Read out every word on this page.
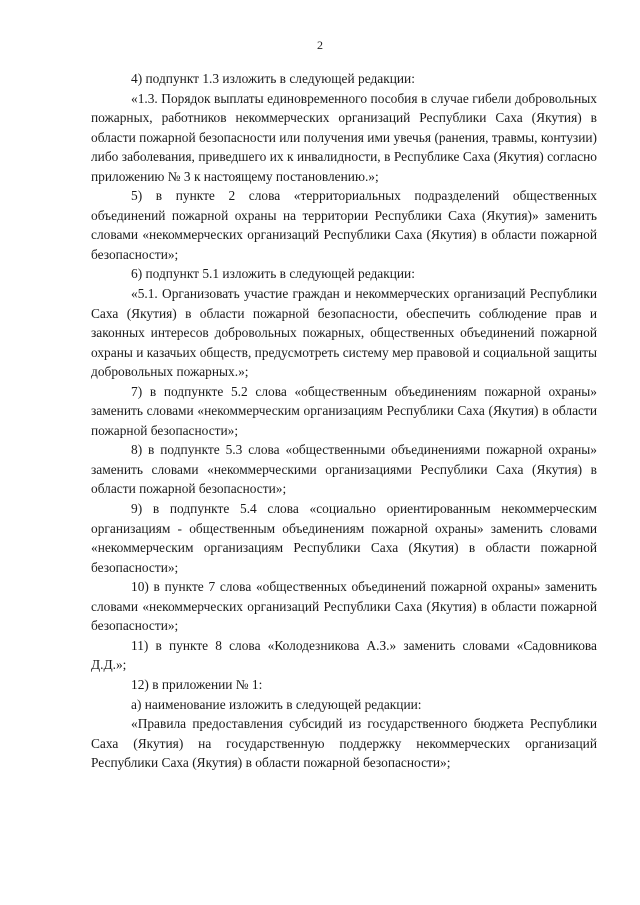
2

4) подпункт 1.3 изложить в следующей редакции:

«1.3. Порядок выплаты единовременного пособия в случае гибели добровольных пожарных, работников некоммерческих организаций Республики Саха (Якутия) в области пожарной безопасности или получения ими увечья (ранения, травмы, контузии) либо заболевания, приведшего их к инвалидности, в Республике Саха (Якутия) согласно приложению № 3 к настоящему постановлению.»;

5) в пункте 2 слова «территориальных подразделений общественных объединений пожарной охраны на территории Республики Саха (Якутия)» заменить словами «некоммерческих организаций Республики Саха (Якутия) в области пожарной безопасности»;

6) подпункт 5.1 изложить в следующей редакции:

«5.1. Организовать участие граждан и некоммерческих организаций Республики Саха (Якутия) в области пожарной безопасности, обеспечить соблюдение прав и законных интересов добровольных пожарных, общественных объединений пожарной охраны и казачьих обществ, предусмотреть систему мер правовой и социальной защиты добровольных пожарных.»;

7) в подпункте 5.2 слова «общественным объединениям пожарной охраны» заменить словами «некоммерческим организациям Республики Саха (Якутия) в области пожарной безопасности»;

8) в подпункте 5.3 слова «общественными объединениями пожарной охраны» заменить словами «некоммерческими организациями Республики Саха (Якутия) в области пожарной безопасности»;

9) в подпункте 5.4 слова «социально ориентированным некоммерческим организациям - общественным объединениям пожарной охраны» заменить словами «некоммерческим организациям Республики Саха (Якутия) в области пожарной безопасности»;

10) в пункте 7 слова «общественных объединений пожарной охраны» заменить словами «некоммерческих организаций Республики Саха (Якутия) в области пожарной безопасности»;

11) в пункте 8 слова «Колодезникова А.З.» заменить словами «Садовникова Д.Д.»;

12) в приложении № 1:

а) наименование изложить в следующей редакции:

«Правила предоставления субсидий из государственного бюджета Республики Саха (Якутия) на государственную поддержку некоммерческих организаций Республики Саха (Якутия) в области пожарной безопасности»;
